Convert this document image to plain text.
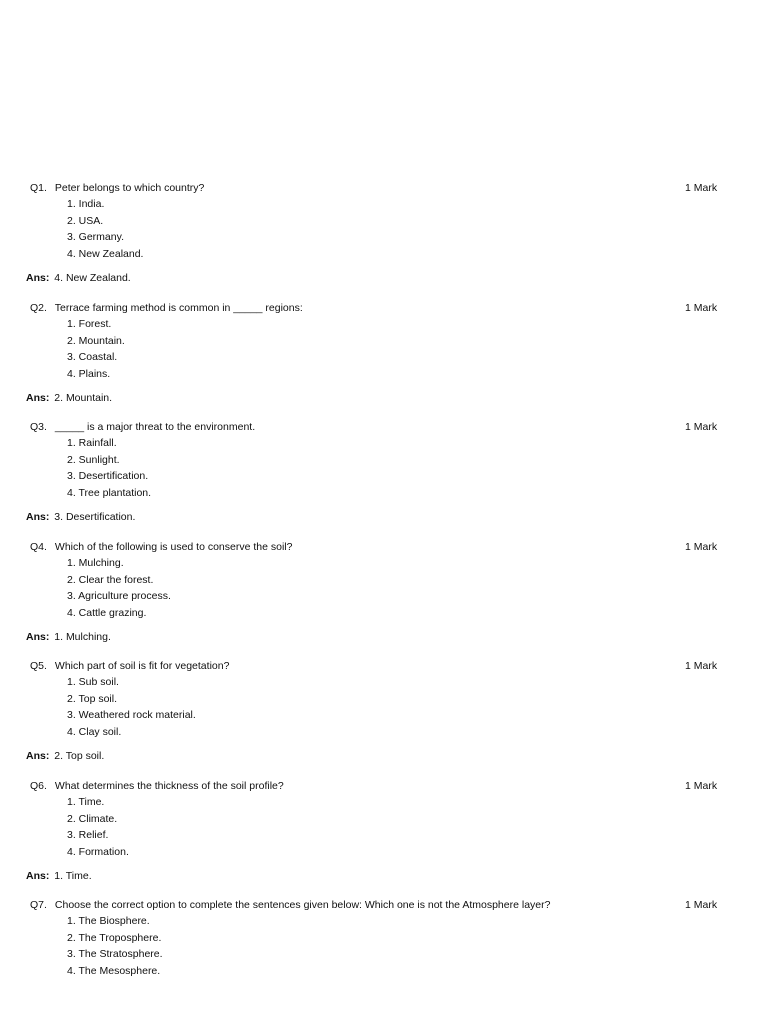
Q1. Peter belongs to which country?	1 Mark
1. India.
2. USA.
3. Germany.
4. New Zealand.
Ans: 4. New Zealand.
Q2. Terrace farming method is common in _____ regions:	1 Mark
1. Forest.
2. Mountain.
3. Coastal.
4. Plains.
Ans: 2. Mountain.
Q3. _____ is a major threat to the environment.	1 Mark
1. Rainfall.
2. Sunlight.
3. Desertification.
4. Tree plantation.
Ans: 3. Desertification.
Q4. Which of the following is used to conserve the soil?	1 Mark
1. Mulching.
2. Clear the forest.
3. Agriculture process.
4. Cattle grazing.
Ans: 1. Mulching.
Q5. Which part of soil is fit for vegetation?	1 Mark
1. Sub soil.
2. Top soil.
3. Weathered rock material.
4. Clay soil.
Ans: 2. Top soil.
Q6. What determines the thickness of the soil profile?	1 Mark
1. Time.
2. Climate.
3. Relief.
4. Formation.
Ans: 1. Time.
Q7. Choose the correct option to complete the sentences given below: Which one is not the Atmosphere layer?	1 Mark
1. The Biosphere.
2. The Troposphere.
3. The Stratosphere.
4. The Mesosphere.
